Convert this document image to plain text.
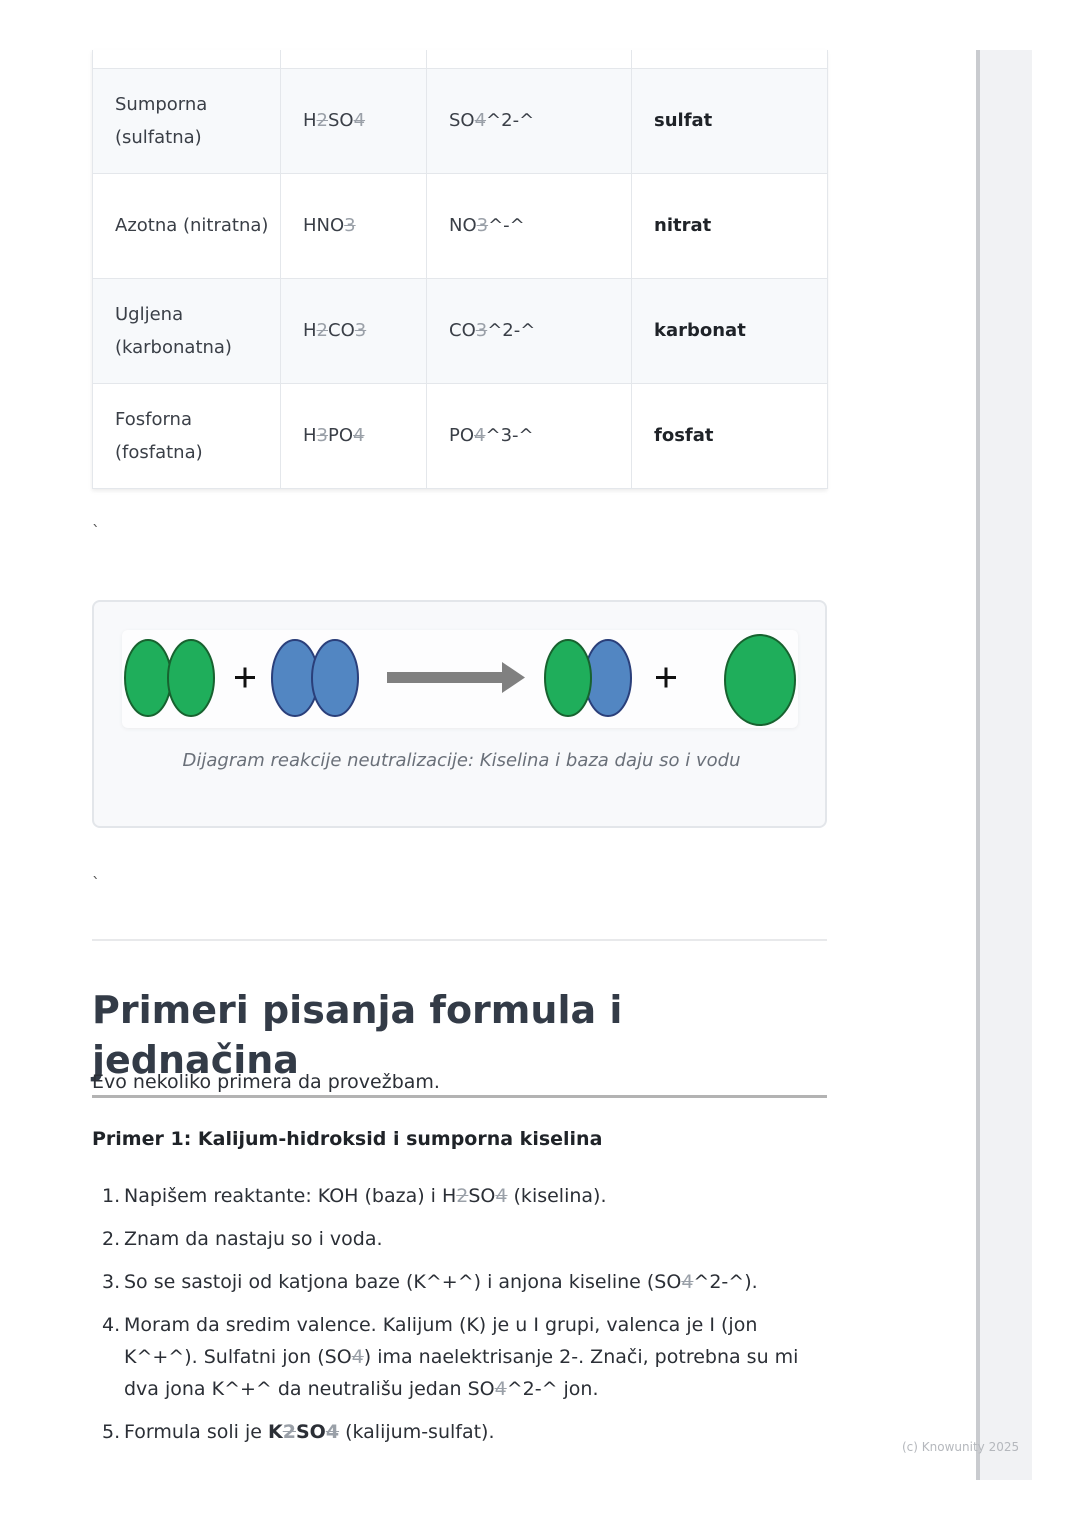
Sumporna (sulfatna)	H2SO4	SO4^2-^	sulfat
Azotna (nitratna)	HNO3	NO3^-^	nitrat
Ugljena (karbonatna)	H2CO3	CO3^2-^	karbonat
Fosforna (fosfatna)	H3PO4	PO4^3-^	fosfat
`
Dijagram reakcije neutralizacije: Kiselina i baza daju so i vodu
`
Primeri pisanja formula i jednačina
Evo nekoliko primera da provežbam.
Primer 1: Kalijum-hidroksid i sumporna kiselina
1. Napišem reaktante: KOH (baza) i H2SO4 (kiselina).
2. Znam da nastaju so i voda.
3. So se sastoji od katjona baze (K^+^) i anjona kiseline (SO4^2-^).
4. Moram da sredim valence. Kalijum (K) je u I grupi, valenca je I (jon K^+^). Sulfatni jon (SO4) ima naelektrisanje 2-. Znači, potrebna su mi dva jona K^+^ da neutrališu jedan SO4^2-^ jon.
5. Formula soli je K2SO4 (kalijum-sulfat).
(c) Knowunity 2025
